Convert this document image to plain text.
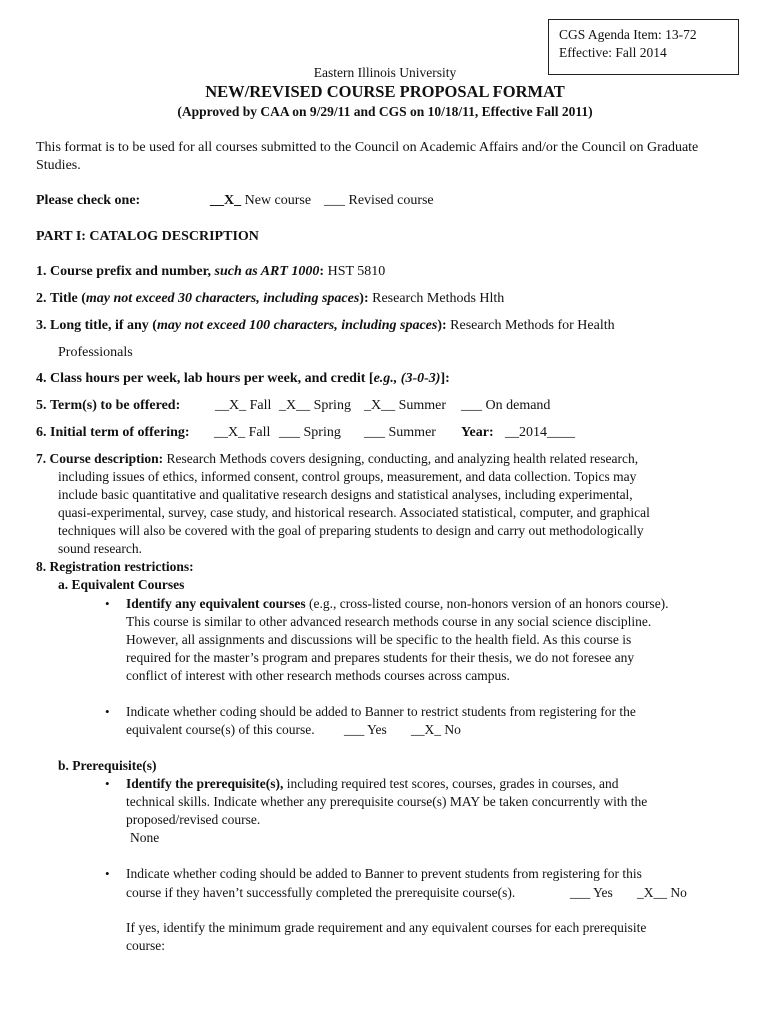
CGS Agenda Item: 13-72
Effective: Fall 2014
Eastern Illinois University
NEW/REVISED COURSE PROPOSAL FORMAT
(Approved by CAA on 9/29/11 and CGS on 10/18/11, Effective Fall 2011)
This format is to be used for all courses submitted to the Council on Academic Affairs and/or the Council on Graduate Studies.
Please check one:	__X_ New course ___ Revised course
PART I: CATALOG DESCRIPTION
1. Course prefix and number, such as ART 1000: HST 5810
2. Title (may not exceed 30 characters, including spaces): Research Methods Hlth
3. Long title, if any (may not exceed 100 characters, including spaces): Research Methods for Health
Professionals
4. Class hours per week, lab hours per week, and credit [e.g., (3-0-3)]:
5. Term(s) to be offered: __X_ Fall _X__ Spring _X__ Summer ___ On demand
6. Initial term of offering: __X_ Fall ___ Spring ___ Summer Year: __2014____
7. Course description: Research Methods covers designing, conducting, and analyzing health related research,
including issues of ethics, informed consent, control groups, measurement, and data collection. Topics may
include basic quantitative and qualitative research designs and statistical analyses, including experimental,
quasi-experimental, survey, case study, and historical research. Associated statistical, computer, and graphical
techniques will also be covered with the goal of preparing students to design and carry out methodologically
sound research.
8. Registration restrictions:
a. Equivalent Courses
• Identify any equivalent courses (e.g., cross-listed course, non-honors version of an honors course).
This course is similar to other advanced research methods course in any social science discipline.
However, all assignments and discussions will be specific to the health field. As this course is
required for the master’s program and prepares students for their thesis, we do not foresee any
conflict of interest with other research methods courses across campus.
• Indicate whether coding should be added to Banner to restrict students from registering for the
equivalent course(s) of this course. ___ Yes __X_ No
b. Prerequisite(s)
• Identify the prerequisite(s), including required test scores, courses, grades in courses, and
technical skills. Indicate whether any prerequisite course(s) MAY be taken concurrently with the
proposed/revised course.
None
• Indicate whether coding should be added to Banner to prevent students from registering for this
course if they haven’t successfully completed the prerequisite course(s).	___ Yes _X__ No
If yes, identify the minimum grade requirement and any equivalent courses for each prerequisite
course:
